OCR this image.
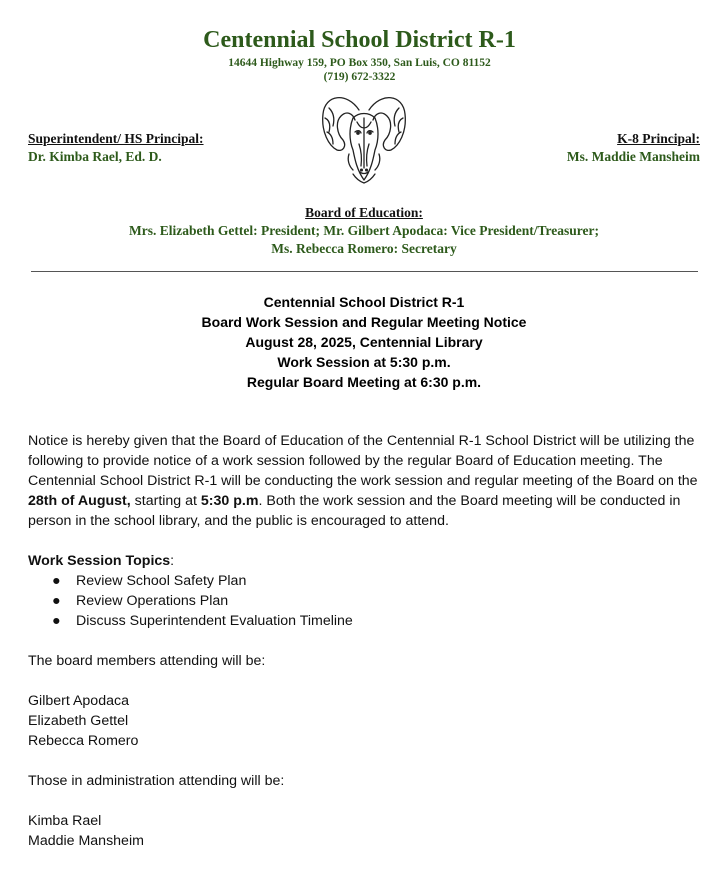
Centennial School District R-1
14644 Highway 159, PO Box 350, San Luis, CO 81152
(719) 672-3322
Superintendent/ HS Principal:
Dr. Kimba Rael, Ed. D.
K-8 Principal:
Ms. Maddie Mansheim
Board of Education:
Mrs. Elizabeth Gettel: President; Mr. Gilbert Apodaca: Vice President/Treasurer;
Ms. Rebecca Romero: Secretary
Centennial School District R-1
Board Work Session and Regular Meeting Notice
August 28, 2025, Centennial Library
Work Session at 5:30 p.m.
Regular Board Meeting at 6:30 p.m.

Notice is hereby given that the Board of Education of the Centennial R-1 School District will be utilizing the following to provide notice of a work session followed by the regular Board of Education meeting. The Centennial School District R-1 will be conducting the work session and regular meeting of the Board on the 28th of August, starting at 5:30 p.m. Both the work session and the Board meeting will be conducted in person in the school library, and the public is encouraged to attend.

Work Session Topics:

● Review School Safety Plan
● Review Operations Plan
● Discuss Superintendent Evaluation Timeline

The board members attending will be:

Gilbert Apodaca

Elizabeth Gettel

Rebecca Romero

Those in administration attending will be:

Kimba Rael

Maddie Mansheim
